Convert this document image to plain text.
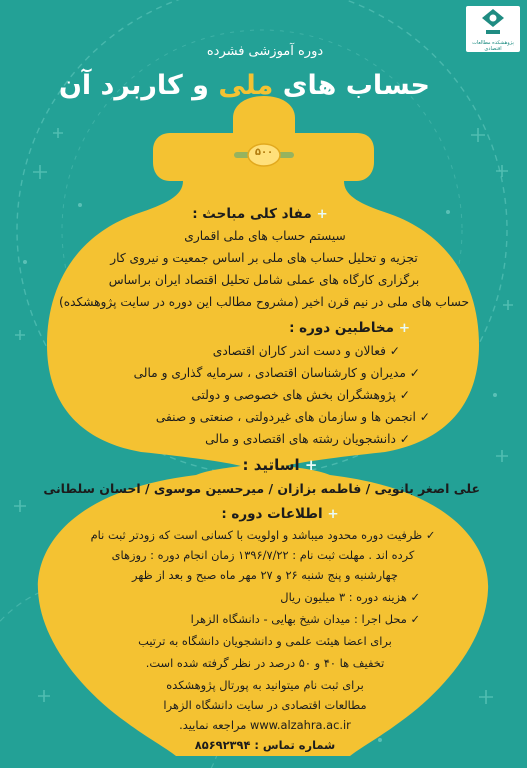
پژوهشکده مطالعات اقتصادی
۵۰۰
دوره آموزشی فشرده
حساب های ملی و کاربرد آن
+ مفاد کلی مباحث :
سیستم حساب های ملی اقماری
تجزیه و تحلیل حساب های ملی بر اساس جمعیت و نیروی کار
برگزاری کارگاه های عملی شامل تحلیل اقتصاد ایران براساس
حساب های ملی در نیم قرن اخیر (مشروح مطالب این دوره در سایت پژوهشکده)
+ مخاطبین دوره :
✓ فعالان و دست اندر کاران اقتصادی
✓ مدیران و کارشناسان اقتصادی ، سرمایه گذاری و مالی
✓ پژوهشگران بخش های خصوصی و دولتی
✓ انجمن ها و سازمان های غیردولتی ، صنعتی و صنفی
✓ دانشجویان رشته های اقتصادی و مالی
+ اساتید :
علی اصغر بانویی / فاطمه بزازان / میرحسین موسوی / احسان سلطانی
+ اطلاعات دوره :
✓ ظرفیت دوره محدود میباشد و اولویت با کسانی است که زودتر ثبت نام
کرده اند . مهلت ثبت نام : ۱۳۹۶/۷/۲۲ زمان انجام دوره : روزهای
چهارشنبه و پنج شنبه ۲۶ و ۲۷ مهر ماه صبح و بعد از ظهر
✓ هزینه دوره : ۳ میلیون ریال
✓ محل اجرا : میدان شیخ بهایی - دانشگاه الزهرا
برای اعضا هیئت علمی و دانشجویان دانشگاه به ترتیب
تخفیف ها ۴۰ و ۵۰ درصد در نظر گرفته شده است.
برای ثبت نام میتوانید به پورتال پژوهشکده
مطالعات اقتصادی در سایت دانشگاه الزهرا
www.alzahra.ac.ir مراجعه نمایید.
شماره تماس : ۸۵۶۹۲۳۹۴
